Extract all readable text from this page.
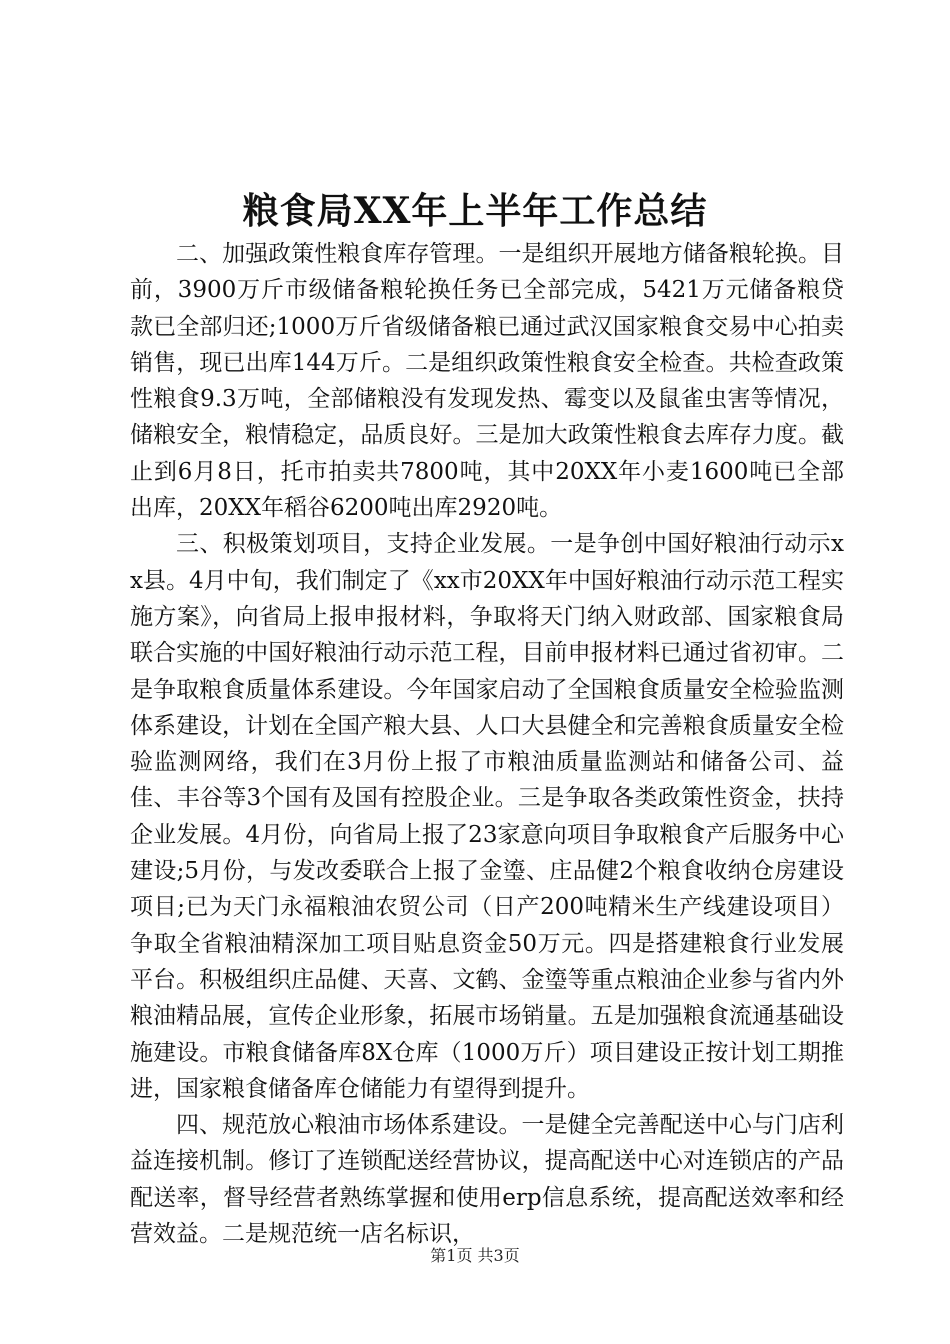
粮食局XX年上半年工作总结

二、加强政策性粮食库存管理。一是组织开展地方储备粮轮换。目前，3900万斤市级储备粮轮换任务已全部完成，5421万元储备粮贷款已全部归还;1000万斤省级储备粮已通过武汉国家粮食交易中心拍卖销售，现已出库144万斤。二是组织政策性粮食安全检查。共检查政策性粮食9.3万吨，全部储粮没有发现发热、霉变以及鼠雀虫害等情况，储粮安全，粮情稳定，品质良好。三是加大政策性粮食去库存力度。截止到6月8日，托市拍卖共7800吨，其中20XX年小麦1600吨已全部出库，20XX年稻谷6200吨出库2920吨。

三、积极策划项目，支持企业发展。一是争创中国好粮油行动示xx县。4月中旬，我们制定了《xx市20XX年中国好粮油行动示范工程实施方案》，向省局上报申报材料，争取将天门纳入财政部、国家粮食局联合实施的中国好粮油行动示范工程，目前申报材料已通过省初审。二是争取粮食质量体系建设。今年国家启动了全国粮食质量安全检验监测体系建设，计划在全国产粮大县、人口大县健全和完善粮食质量安全检验监测网络，我们在3月份上报了市粮油质量监测站和储备公司、益佳、丰谷等3个国有及国有控股企业。三是争取各类政策性资金，扶持企业发展。4月份，向省局上报了23家意向项目争取粮食产后服务中心建设;5月份，与发改委联合上报了金瑬、庄品健2个粮食收纳仓房建设项目;已为天门永福粮油农贸公司（日产200吨精米生产线建设项目）争取全省粮油精深加工项目贴息资金50万元。四是搭建粮食行业发展平台。积极组织庄品健、天喜、文鹤、金瑬等重点粮油企业参与省内外粮油精品展，宣传企业形象，拓展市场销量。五是加强粮食流通基础设施建设。市粮食储备库8X仓库（1000万斤）项目建设正按计划工期推进，国家粮食储备库仓储能力有望得到提升。

四、规范放心粮油市场体系建设。一是健全完善配送中心与门店利益连接机制。修订了连锁配送经营协议，提高配送中心对连锁店的产品配送率，督导经营者熟练掌握和使用erp信息系统，提高配送效率和经营效益。二是规范统一店名标识，

第1页 共3页
